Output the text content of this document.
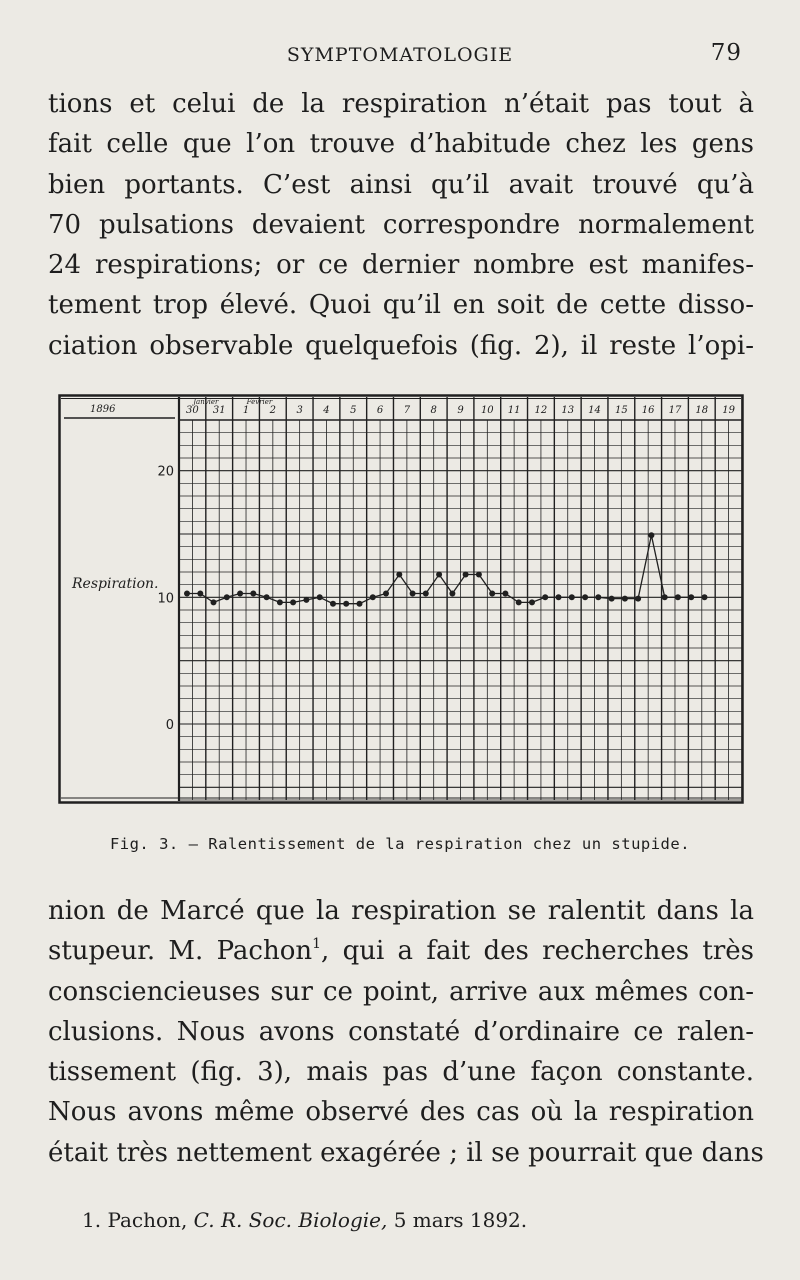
SYMPTOMATOLOGIE	79
tions et celui de la respiration n’était pas tout à
fait celle que l’on trouve d’habitude chez les gens
bien portants. C’est ainsi qu’il avait trouvé qu’à
70 pulsations devaient correspondre normalement
24 respirations; or ce dernier nombre est manifes-
tement trop élevé. Quoi qu’il en soit de cette disso-
ciation observable quelquefois (fig. 2), il reste l’opi-
1896
Respiration.
20
10
0
30 31 1 2 3 4 5 6 7 8 9 10 11 12 13 14 15 16 17 18 19
Janvier	Février
Fig. 3. — Ralentissement de la respiration chez un stupide.
nion de Marcé que la respiration se ralentit dans la
stupeur. M. Pachon$^1$, qui a fait des recherches très
consciencieuses sur ce point, arrive aux mêmes con-
clusions. Nous avons constaté d’ordinaire ce ralen-
tissement (fig. 3), mais pas d’une façon constante.
Nous avons même observé des cas où la respiration
était très nettement exagérée ; il se pourrait que dans
1. Pachon, C. R. Soc. Biologie, 5 mars 1892.
